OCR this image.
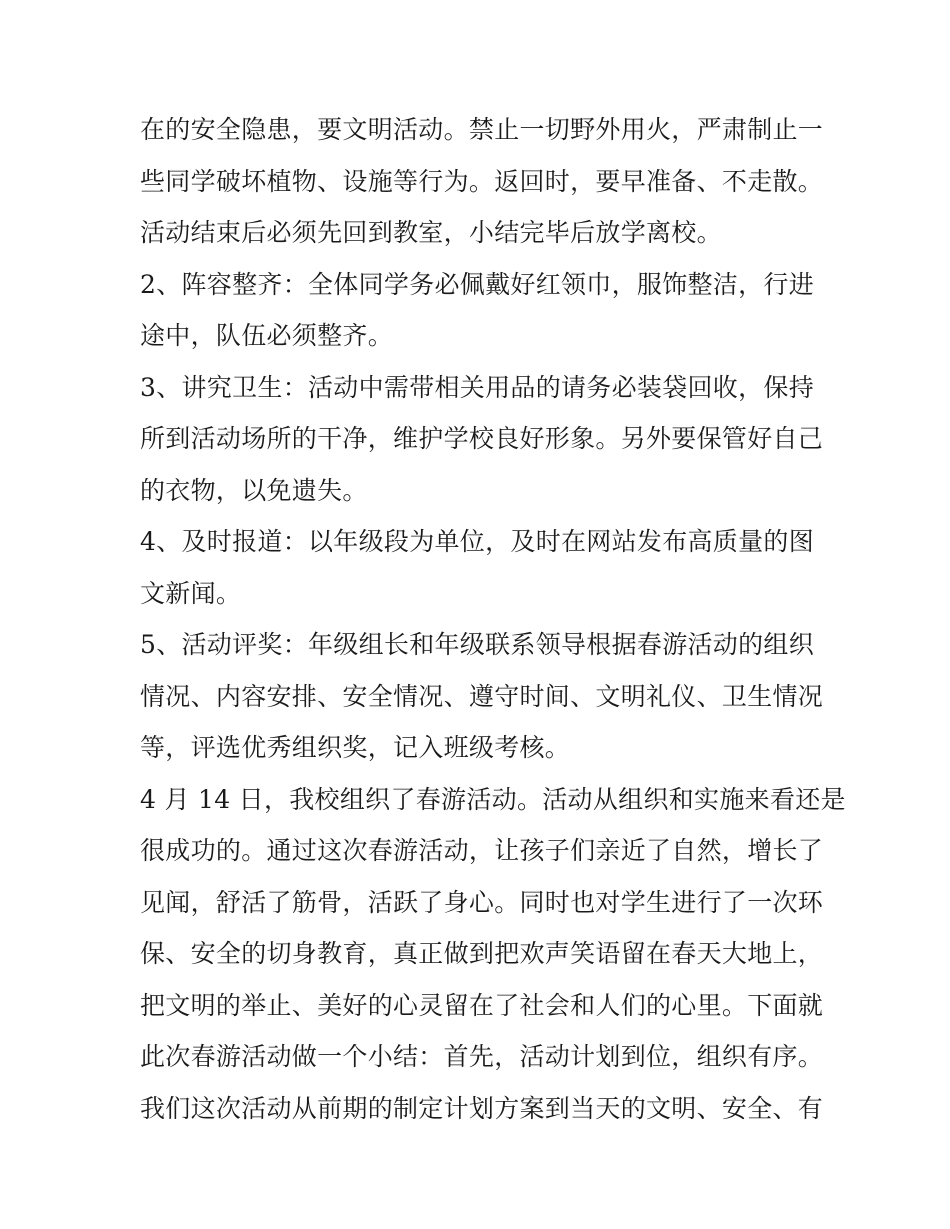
在的安全隐患，要文明活动。禁止一切野外用火，严肃制止一
些同学破坏植物、设施等行为。返回时，要早准备、不走散。
活动结束后必须先回到教室，小结完毕后放学离校。
2、阵容整齐：全体同学务必佩戴好红领巾，服饰整洁，行进
途中，队伍必须整齐。
3、讲究卫生：活动中需带相关用品的请务必装袋回收，保持
所到活动场所的干净，维护学校良好形象。另外要保管好自己
的衣物，以免遗失。
4、及时报道：以年级段为单位，及时在网站发布高质量的图
文新闻。
5、活动评奖：年级组长和年级联系领导根据春游活动的组织
情况、内容安排、安全情况、遵守时间、文明礼仪、卫生情况
等，评选优秀组织奖，记入班级考核。
4 月 14 日，我校组织了春游活动。活动从组织和实施来看还是
很成功的。通过这次春游活动，让孩子们亲近了自然，增长了
见闻，舒活了筋骨，活跃了身心。同时也对学生进行了一次环
保、安全的切身教育，真正做到把欢声笑语留在春天大地上，
把文明的举止、美好的心灵留在了社会和人们的心里。下面就
此次春游活动做一个小结：首先，活动计划到位，组织有序。
我们这次活动从前期的制定计划方案到当天的文明、安全、有
